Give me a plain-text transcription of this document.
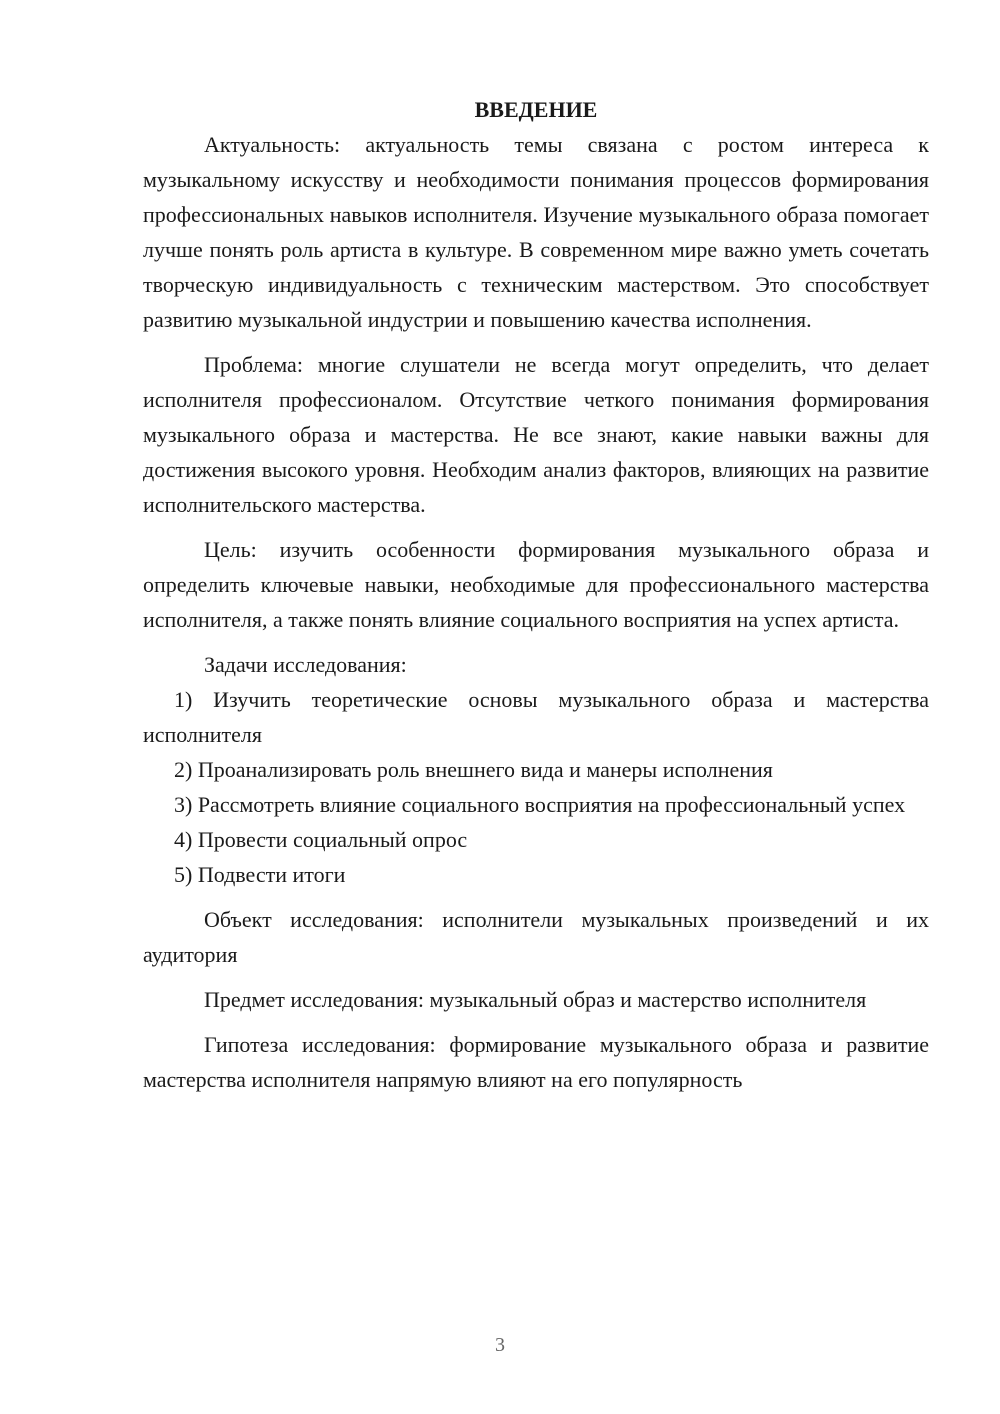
ВВЕДЕНИЕ

Актуальность: актуальность темы связана с ростом интереса к музыкальному искусству и необходимости понимания процессов формирования профессиональных навыков исполнителя. Изучение музыкального образа помогает лучше понять роль артиста в культуре. В современном мире важно уметь сочетать творческую индивидуальность с техническим мастерством. Это способствует развитию музыкальной индустрии и повышению качества исполнения.

Проблема: многие слушатели не всегда могут определить, что делает исполнителя профессионалом. Отсутствие четкого понимания формирования музыкального образа и мастерства. Не все знают, какие навыки важны для достижения высокого уровня. Необходим анализ факторов, влияющих на развитие исполнительского мастерства.

Цель: изучить особенности формирования музыкального образа и определить ключевые навыки, необходимые для профессионального мастерства исполнителя, а также понять влияние социального восприятия на успех артиста.

Задачи исследования:

1) Изучить теоретические основы музыкального образа и мастерства исполнителя

2) Проанализировать роль внешнего вида и манеры исполнения

3) Рассмотреть влияние социального восприятия на профессиональный успех

4) Провести социальный опрос

5) Подвести итоги

Объект исследования: исполнители музыкальных произведений и их аудитория

Предмет исследования: музыкальный образ и мастерство исполнителя

Гипотеза исследования: формирование музыкального образа и развитие мастерства исполнителя напрямую влияют на его популярность

3
